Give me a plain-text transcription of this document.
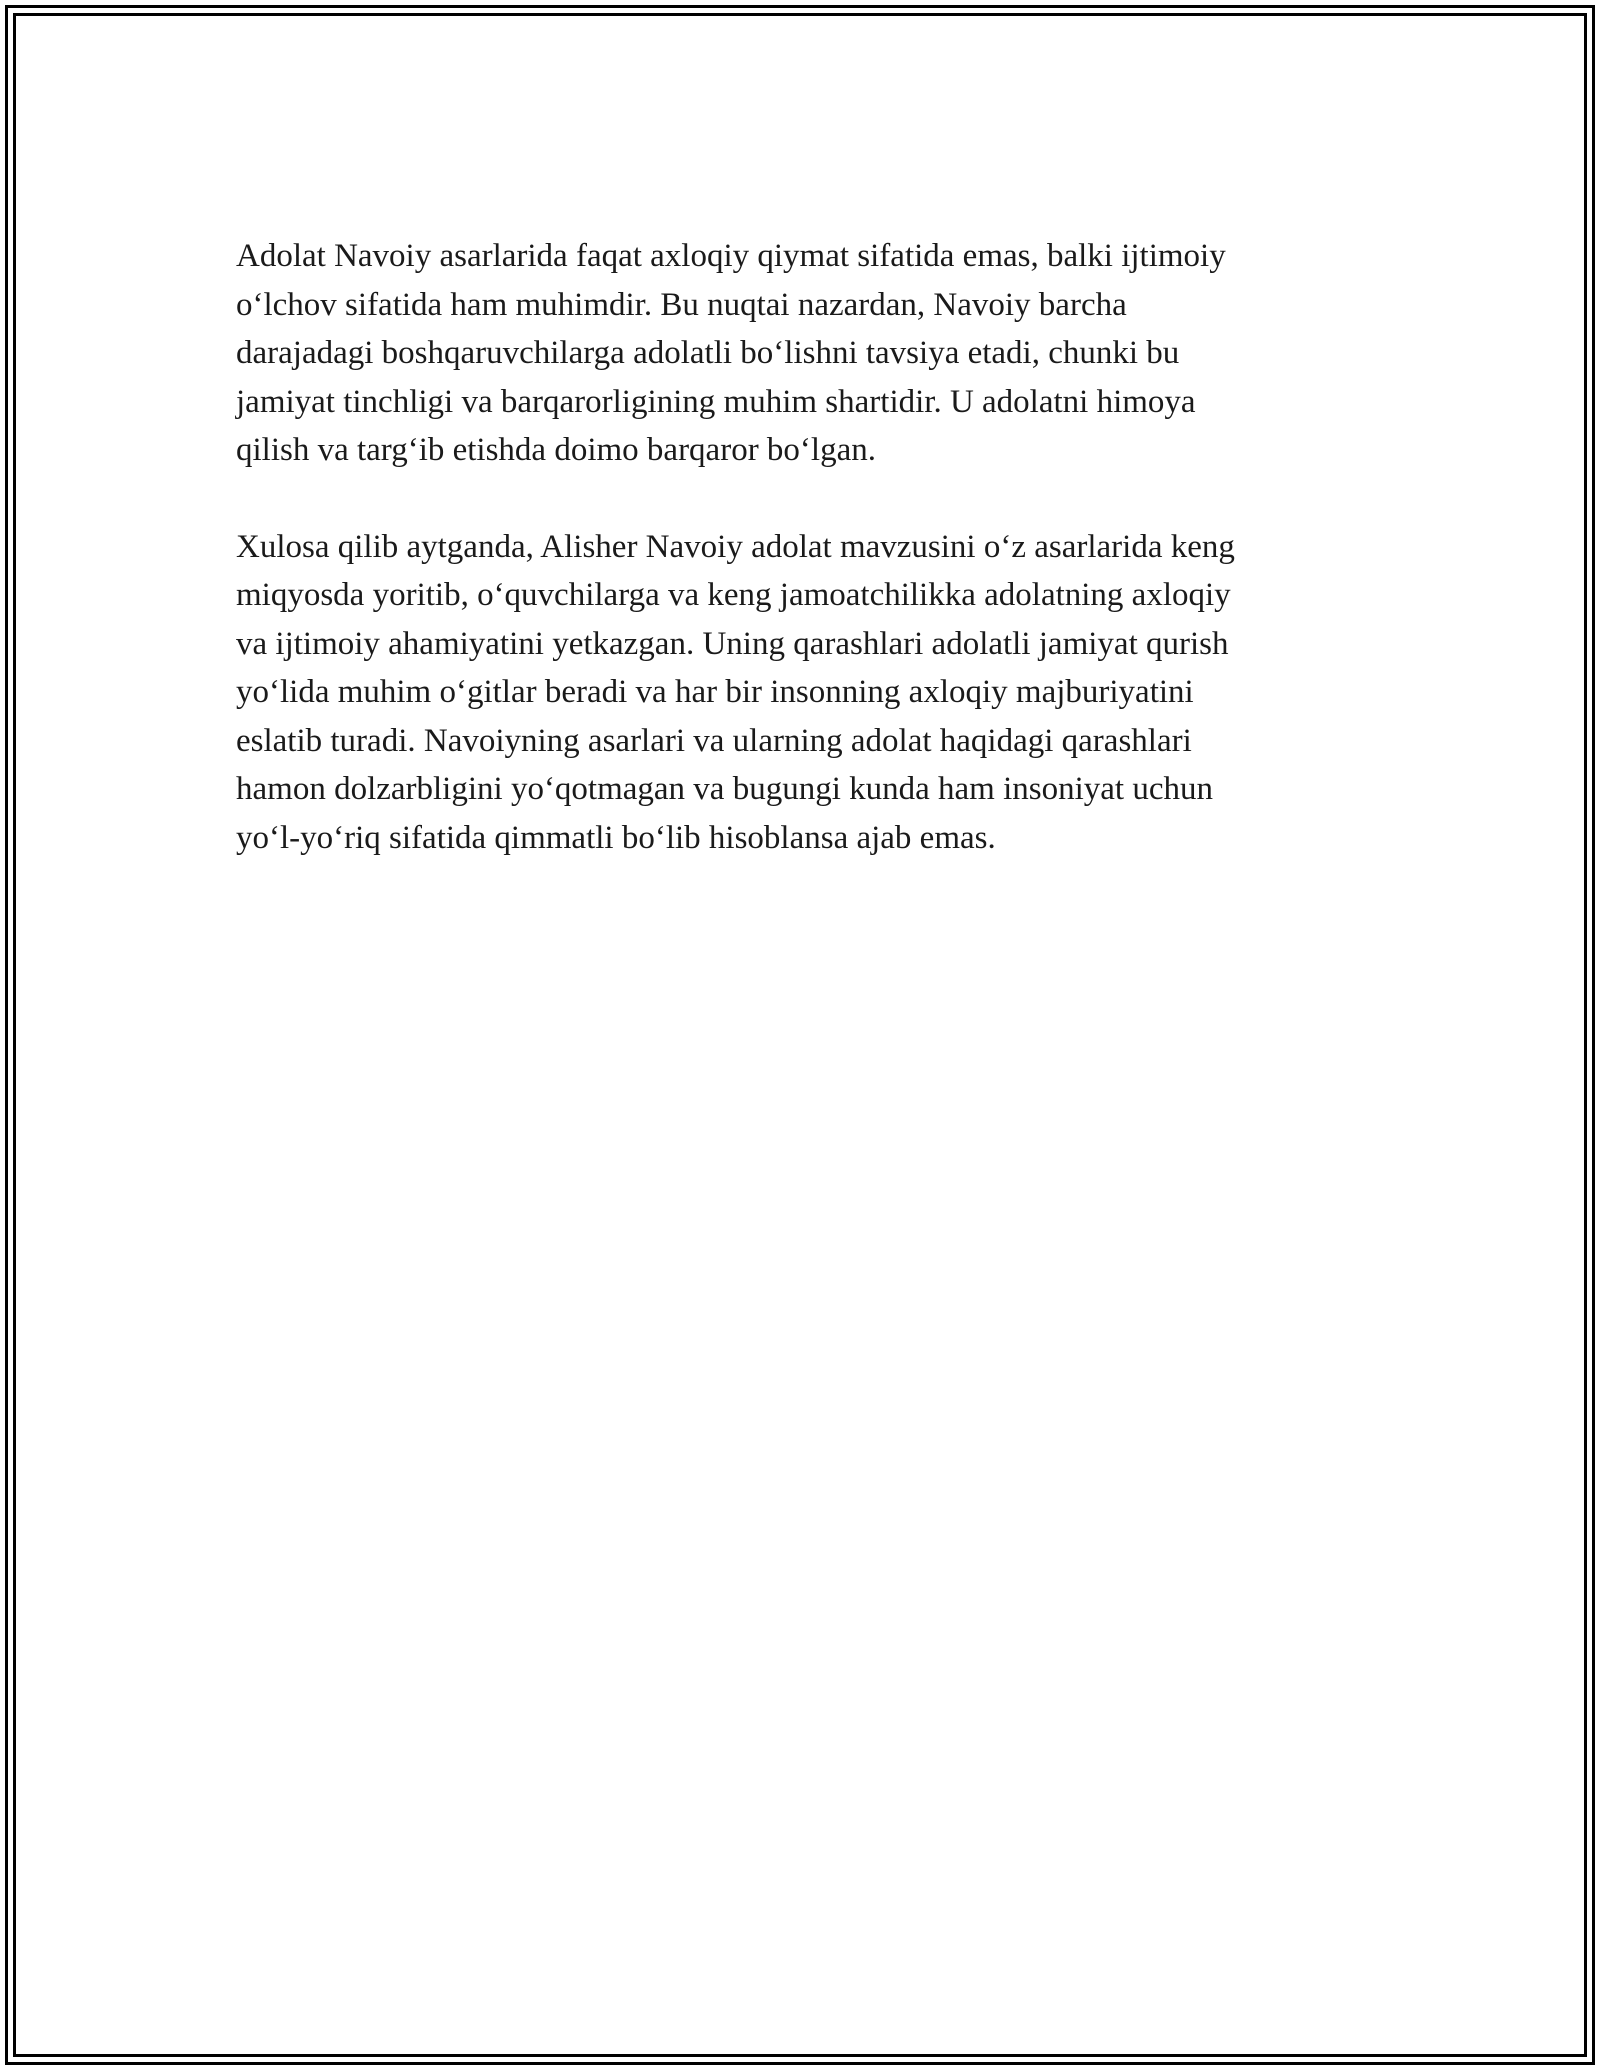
Adolat Navoiy asarlarida faqat axloqiy qiymat sifatida emas, balki ijtimoiy
o‘lchov sifatida ham muhimdir. Bu nuqtai nazardan, Navoiy barcha
darajadagi boshqaruvchilarga adolatli bo‘lishni tavsiya etadi, chunki bu
jamiyat tinchligi va barqarorligining muhim shartidir. U adolatni himoya
qilish va targ‘ib etishda doimo barqaror bo‘lgan.

Xulosa qilib aytganda, Alisher Navoiy adolat mavzusini o‘z asarlarida keng
miqyosda yoritib, o‘quvchilarga va keng jamoatchilikka adolatning axloqiy
va ijtimoiy ahamiyatini yetkazgan. Uning qarashlari adolatli jamiyat qurish
yo‘lida muhim o‘gitlar beradi va har bir insonning axloqiy majburiyatini
eslatib turadi. Navoiyning asarlari va ularning adolat haqidagi qarashlari
hamon dolzarbligini yo‘qotmagan va bugungi kunda ham insoniyat uchun
yo‘l-yo‘riq sifatida qimmatli bo‘lib hisoblansa ajab emas.
